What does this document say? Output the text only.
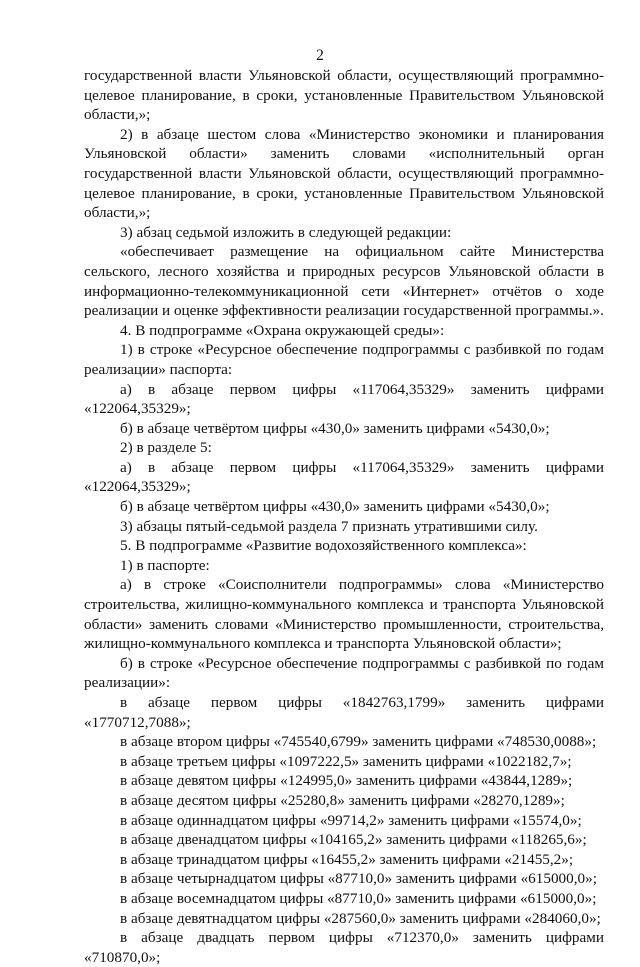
2

государственной власти Ульяновской области, осуществляющий программно-целевое планирование, в сроки, установленные Правительством Ульяновской области,»;

2) в абзаце шестом слова «Министерство экономики и планирования Ульяновской области» заменить словами «исполнительный орган государственной власти Ульяновской области, осуществляющий программно-целевое планирование, в сроки, установленные Правительством Ульяновской области,»;

3) абзац седьмой изложить в следующей редакции:

«обеспечивает размещение на официальном сайте Министерства сельского, лесного хозяйства и природных ресурсов Ульяновской области в информационно-телекоммуникационной сети «Интернет» отчётов о ходе реализации и оценке эффективности реализации государственной программы.».

4. В подпрограмме «Охрана окружающей среды»:

1) в строке «Ресурсное обеспечение подпрограммы с разбивкой по годам реализации» паспорта:

а) в абзаце первом цифры «117064,35329» заменить цифрами «122064,35329»;

б) в абзаце четвёртом цифры «430,0» заменить цифрами «5430,0»;

2) в разделе 5:

а) в абзаце первом цифры «117064,35329» заменить цифрами «122064,35329»;

б) в абзаце четвёртом цифры «430,0» заменить цифрами «5430,0»;

3) абзацы пятый-седьмой раздела 7 признать утратившими силу.

5. В подпрограмме «Развитие водохозяйственного комплекса»:

1) в паспорте:

а) в строке «Соисполнители подпрограммы» слова «Министерство строительства, жилищно-коммунального комплекса и транспорта Ульяновской области» заменить словами «Министерство промышленности, строительства, жилищно-коммунального комплекса и транспорта Ульяновской области»;

б) в строке «Ресурсное обеспечение подпрограммы с разбивкой по годам реализации»:

в абзаце первом цифры «1842763,1799» заменить цифрами «1770712,7088»;

в абзаце втором цифры «745540,6799» заменить цифрами «748530,0088»;

в абзаце третьем цифры «1097222,5» заменить цифрами «1022182,7»;

в абзаце девятом цифры «124995,0» заменить цифрами «43844,1289»;

в абзаце десятом цифры «25280,8» заменить цифрами «28270,1289»;

в абзаце одиннадцатом цифры «99714,2» заменить цифрами «15574,0»;

в абзаце двенадцатом цифры «104165,2» заменить цифрами «118265,6»;

в абзаце тринадцатом цифры «16455,2» заменить цифрами «21455,2»;

в абзаце четырнадцатом цифры «87710,0» заменить цифрами «615000,0»;

в абзаце восемнадцатом цифры «87710,0» заменить цифрами «615000,0»;

в абзаце девятнадцатом цифры «287560,0» заменить цифрами «284060,0»;

в абзаце двадцать первом цифры «712370,0» заменить цифрами «710870,0»;
